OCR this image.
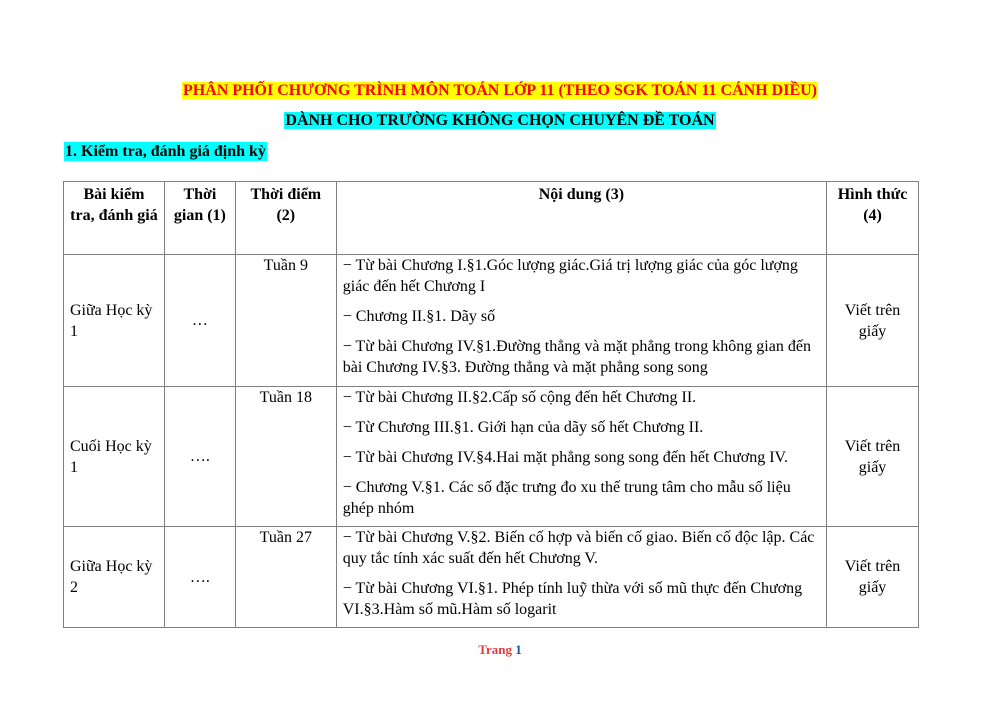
PHÂN PHỐI CHƯƠNG TRÌNH MÔN TOÁN LỚP 11 (THEO SGK TOÁN 11 CÁNH DIỀU)
DÀNH CHO TRƯỜNG KHÔNG CHỌN CHUYÊN ĐỀ TOÁN
1. Kiểm tra, đánh giá định kỳ
Bài kiểm tra, đánh giá	Thời gian (1)	Thời điểm (2)	Nội dung (3)	Hình thức (4)
Giữa Học kỳ 1	…	Tuần 9	− Từ bài Chương I.§1.Góc lượng giác.Giá trị lượng giác của góc lượng giác đến hết Chương I
− Chương II.§1. Dãy số
− Từ bài Chương IV.§1.Đường thẳng và mặt phẳng trong không gian đến bài Chương IV.§3. Đường thẳng và mặt phẳng song song	Viết trên giấy
Cuối Học kỳ 1	….	Tuần 18	− Từ bài Chương II.§2.Cấp số cộng đến hết Chương II.
− Từ Chương III.§1. Giới hạn của dãy số hết Chương II.
− Từ bài Chương IV.§4.Hai mặt phẳng song song đến hết Chương IV.
− Chương V.§1. Các số đặc trưng đo xu thế trung tâm cho mẫu số liệu ghép nhóm	Viết trên giấy
Giữa Học kỳ 2	….	Tuần 27	− Từ bài Chương V.§2. Biến cố hợp và biến cố giao. Biến cố độc lập. Các quy tắc tính xác suất đến hết Chương V.
− Từ bài Chương VI.§1. Phép tính luỹ thừa với số mũ thực đến Chương VI.§3.Hàm số mũ.Hàm số logarit	Viết trên giấy
Trang 1
